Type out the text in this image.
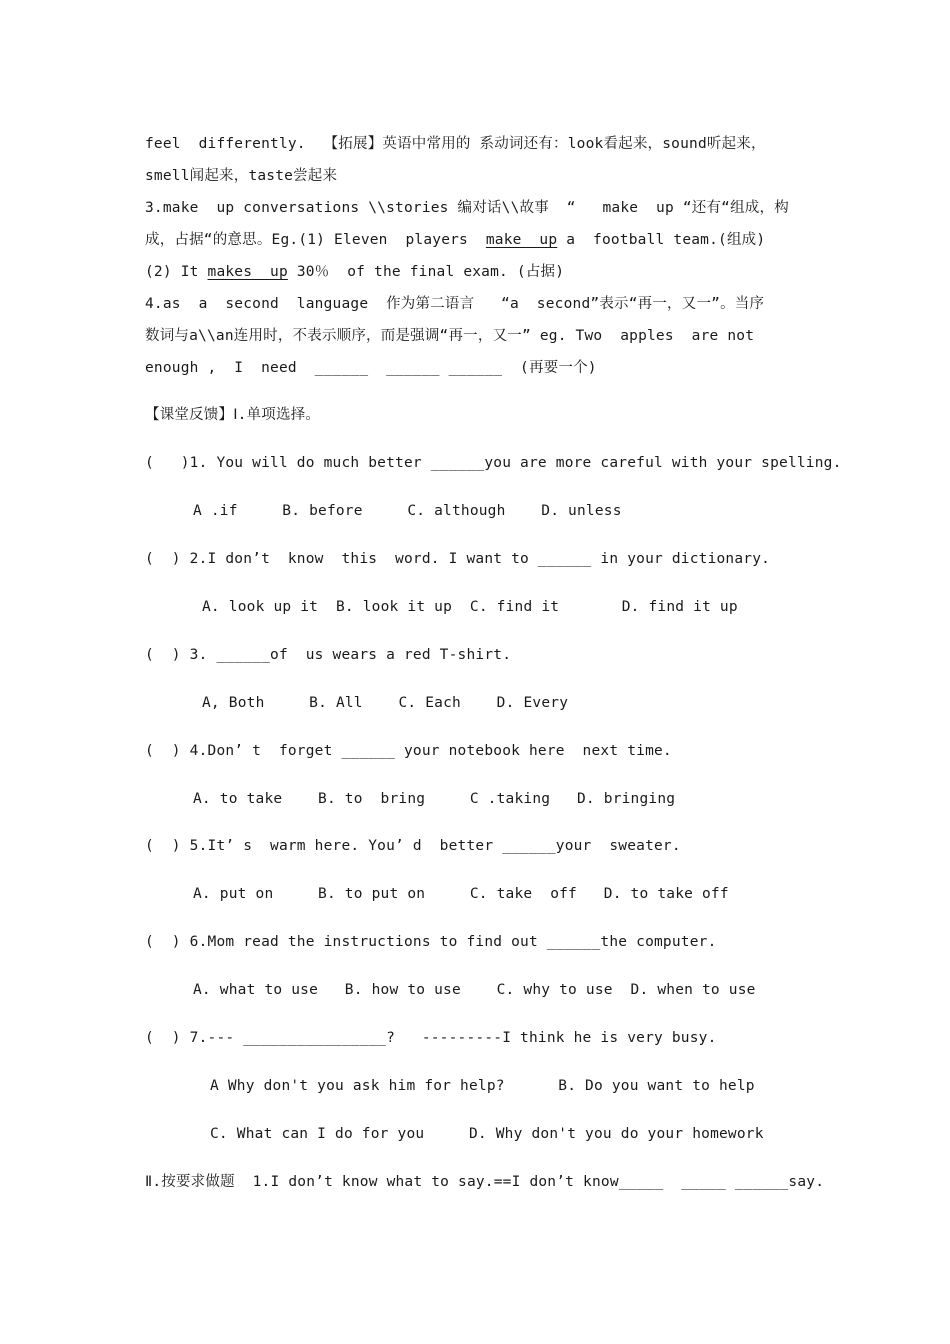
feel  differently.  【拓展】英语中常用的 系动词还有：look看起来，sound听起来，
smell闻起来，taste尝起来
3.make  up conversations \\stories 编对话\\故事  “   make  up “还有“组成，构
成，占据“的意思。Eg.(1) Eleven  players  make  up a  football team.(组成)
(2) It makes  up 30％  of the final exam. (占据)
4.as  a  second  language  作为第二语言   “a  second”表示“再一，又一”。当序
数词与a\\an连用时，不表示顺序，而是强调“再一，又一” eg. Two  apples  are not
enough ,  I  need  ______  ______ ______  (再要一个)
【课堂反馈】Ⅰ.单项选择。
(   )1. You will do much better ______you are more careful with your spelling.
A .if     B. before     C. although    D. unless
(  ) 2.I don’t  know  this  word. I want to ______ in your dictionary.
A. look up it  B. look it up  C. find it       D. find it up
(  ) 3. ______of  us wears a red T-shirt.
A, Both     B. All    C. Each    D. Every
(  ) 4.Don’ t  forget ______ your notebook here  next time.
A. to take    B. to  bring     C .taking   D. bringing
(  ) 5.It’ s  warm here. You’ d  better ______your  sweater.
A. put on     B. to put on     C. take  off   D. to take off
(  ) 6.Mom read the instructions to find out ______the computer.
A. what to use   B. how to use    C. why to use  D. when to use
(  ) 7.--- ________________?   ---------I think he is very busy.
A Why don't you ask him for help?      B. Do you want to help
C. What can I do for you     D. Why don't you do your homework
Ⅱ.按要求做题  1.I don’t know what to say.==I don’t know_____  _____ ______say.
